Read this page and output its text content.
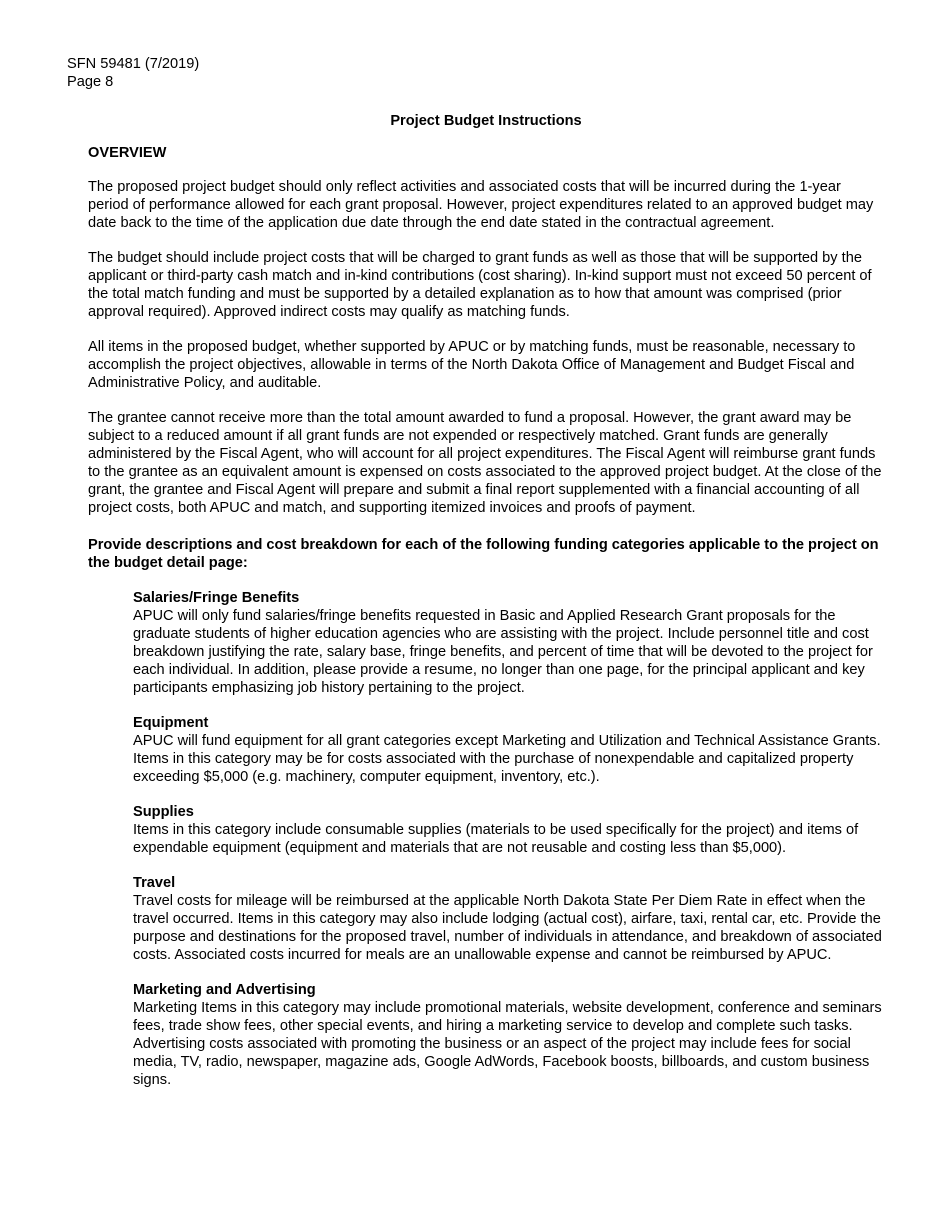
SFN 59481 (7/2019)
Page 8
Project Budget Instructions
OVERVIEW

The proposed project budget should only reflect activities and associated costs that will be incurred during the 1-year period of performance allowed for each grant proposal. However, project expenditures related to an approved budget may date back to the time of the application due date through the end date stated in the contractual agreement.

The budget should include project costs that will be charged to grant funds as well as those that will be supported by the applicant or third-party cash match and in-kind contributions (cost sharing). In-kind support must not exceed 50 percent of the total match funding and must be supported by a detailed explanation as to how that amount was comprised (prior approval required). Approved indirect costs may qualify as matching funds.

All items in the proposed budget, whether supported by APUC or by matching funds, must be reasonable, necessary to accomplish the project objectives, allowable in terms of the North Dakota Office of Management and Budget Fiscal and Administrative Policy, and auditable.

The grantee cannot receive more than the total amount awarded to fund a proposal. However, the grant award may be subject to a reduced amount if all grant funds are not expended or respectively matched. Grant funds are generally administered by the Fiscal Agent, who will account for all project expenditures. The Fiscal Agent will reimburse grant funds to the grantee as an equivalent amount is expensed on costs associated to the approved project budget. At the close of the grant, the grantee and Fiscal Agent will prepare and submit a final report supplemented with a financial accounting of all project costs, both APUC and match, and supporting itemized invoices and proofs of payment.

Provide descriptions and cost breakdown for each of the following funding categories applicable to the project on the budget detail page:
Salaries/Fringe Benefits
APUC will only fund salaries/fringe benefits requested in Basic and Applied Research Grant proposals for the graduate students of higher education agencies who are assisting with the project. Include personnel title and cost breakdown justifying the rate, salary base, fringe benefits, and percent of time that will be devoted to the project for each individual. In addition, please provide a resume, no longer than one page, for the principal applicant and key participants emphasizing job history pertaining to the project.
Equipment
APUC will fund equipment for all grant categories except Marketing and Utilization and Technical Assistance Grants. Items in this category may be for costs associated with the purchase of nonexpendable and capitalized property exceeding $5,000 (e.g. machinery, computer equipment, inventory, etc.).
Supplies
Items in this category include consumable supplies (materials to be used specifically for the project) and items of expendable equipment (equipment and materials that are not reusable and costing less than $5,000).
Travel
Travel costs for mileage will be reimbursed at the applicable North Dakota State Per Diem Rate in effect when the travel occurred. Items in this category may also include lodging (actual cost), airfare, taxi, rental car, etc. Provide the purpose and destinations for the proposed travel, number of individuals in attendance, and breakdown of associated costs. Associated costs incurred for meals are an unallowable expense and cannot be reimbursed by APUC.
Marketing and Advertising
Marketing Items in this category may include promotional materials, website development, conference and seminars fees, trade show fees, other special events, and hiring a marketing service to develop and complete such tasks. Advertising costs associated with promoting the business or an aspect of the project may include fees for social media, TV, radio, newspaper, magazine ads, Google AdWords, Facebook boosts, billboards, and custom business signs.
